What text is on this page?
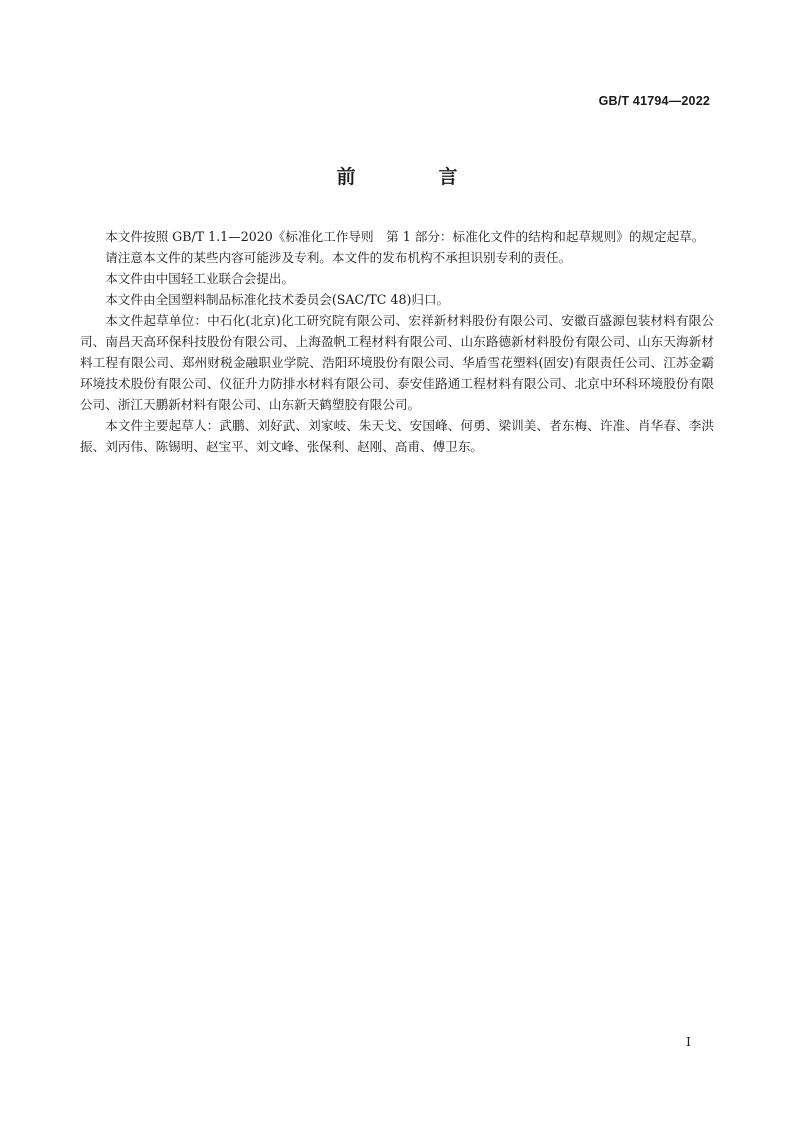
GB/T 41794—2022
前　言

本文件按照 GB/T 1.1—2020《标准化工作导则　第 1 部分：标准化文件的结构和起草规则》的规定起草。

请注意本文件的某些内容可能涉及专利。本文件的发布机构不承担识别专利的责任。

本文件由中国轻工业联合会提出。

本文件由全国塑料制品标准化技术委员会(SAC/TC 48)归口。

本文件起草单位：中石化(北京)化工研究院有限公司、宏祥新材料股份有限公司、安徽百盛源包装材料有限公司、南昌天高环保科技股份有限公司、上海盈帆工程材料有限公司、山东路德新材料股份有限公司、山东天海新材料工程有限公司、郑州财税金融职业学院、浩阳环境股份有限公司、华盾雪花塑料(固安)有限责任公司、江苏金霸环境技术股份有限公司、仪征升力防排水材料有限公司、泰安佳路通工程材料有限公司、北京中环科环境股份有限公司、浙江天鹏新材料有限公司、山东新天鹤塑胶有限公司。

本文件主要起草人：武鹏、刘好武、刘家岐、朱天戈、安国峰、何勇、梁训美、者东梅、许准、肖华春、李洪振、刘丙伟、陈锡明、赵宝平、刘文峰、张保利、赵刚、高甫、傅卫东。

I
